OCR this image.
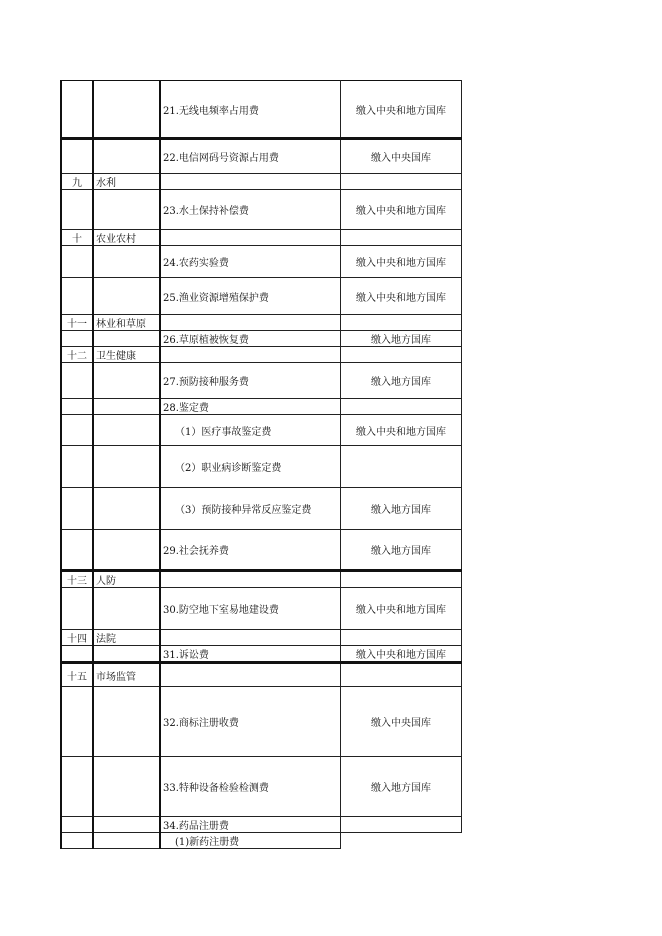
		21.无线电频率占用费	缴入中央和地方国库
		22.电信网码号资源占用费	缴入中央国库
九	水利		
		23.水土保持补偿费	缴入中央和地方国库
十	农业农村		
		24.农药实验费	缴入中央和地方国库
		25.渔业资源增殖保护费	缴入中央和地方国库
十一	林业和草原		
		26.草原植被恢复费	缴入地方国库
十二	卫生健康		
		27.预防接种服务费	缴入地方国库
		28.鉴定费	
		（1）医疗事故鉴定费	缴入中央和地方国库
		（2）职业病诊断鉴定费	
		（3）预防接种异常反应鉴定费	缴入地方国库
		29.社会抚养费	缴入地方国库
十三	人防		
		30.防空地下室易地建设费	缴入中央和地方国库
十四	法院		
		31.诉讼费	缴入中央和地方国库
十五	市场监管		
		32.商标注册收费	缴入中央国库
		33.特种设备检验检测费	缴入地方国库
		34.药品注册费	
		(1)新药注册费	
